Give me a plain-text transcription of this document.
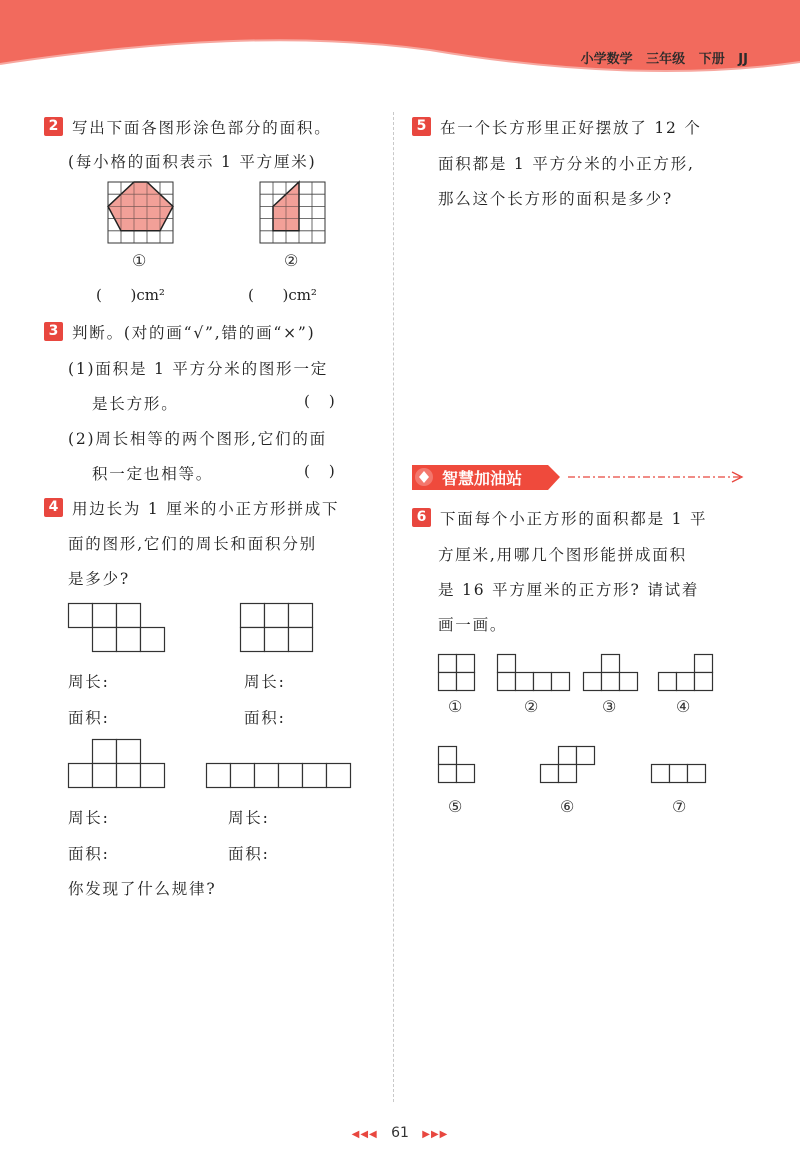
小学数学   三年级   下册   JJ
2 写出下面各图形涂色部分的面积。
(每小格的面积表示 1 平方厘米)
①	②
(      )cm²	(      )cm²
3 判断。(对的画“√”,错的画“×”)
(1)面积是 1 平方分米的图形一定
是长方形。	(    )
(2)周长相等的两个图形,它们的面
积一定也相等。	(    )
4 用边长为 1 厘米的小正方形拼成下
面的图形,它们的周长和面积分别
是多少?
周长:	周长:
面积:	面积:
周长:	周长:
面积:	面积:
你发现了什么规律?
5 在一个长方形里正好摆放了 12 个
面积都是 1 平方分米的小正方形,
那么这个长方形的面积是多少?
智慧加油站
6 下面每个小正方形的面积都是 1 平
方厘米,用哪几个图形能拼成面积
是 16 平方厘米的正方形? 请试着
画一画。
①	②	③	④
⑤	⑥	⑦
◀◀◀ 61 ▶▶▶
